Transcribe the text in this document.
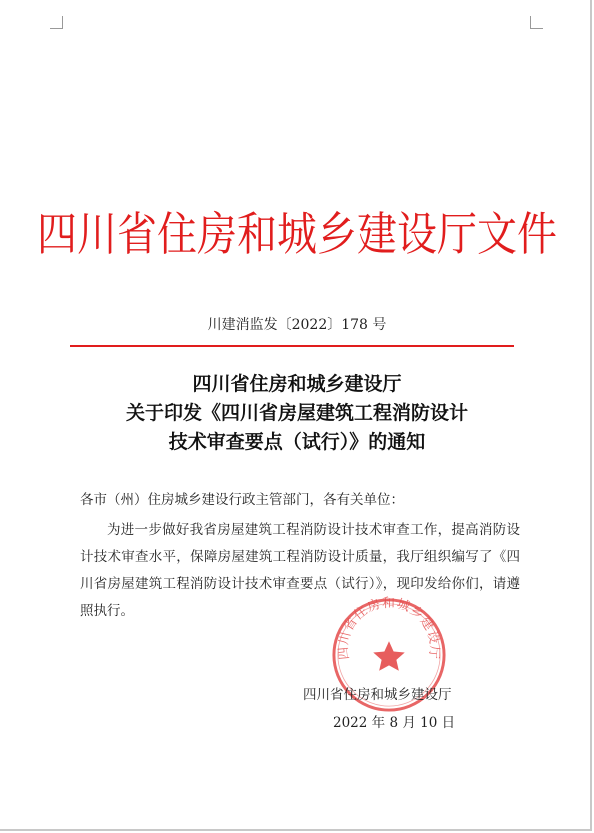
四川省住房和城乡建设厅文件
川建消监发〔2022〕178 号
四川省住房和城乡建设厅
关于印发《四川省房屋建筑工程消防设计
技术审查要点（试行）》的通知
各市（州）住房城乡建设行政主管部门，各有关单位：
为进一步做好我省房屋建筑工程消防设计技术审查工作，提高消防设计技术审查水平，保障房屋建筑工程消防设计质量，我厅组织编写了《四川省房屋建筑工程消防设计技术审查要点（试行）》，现印发给你们，请遵照执行。
四川省住房和城乡建设厅
四川省住房和城乡建设厅
2022 年 8 月 10 日
